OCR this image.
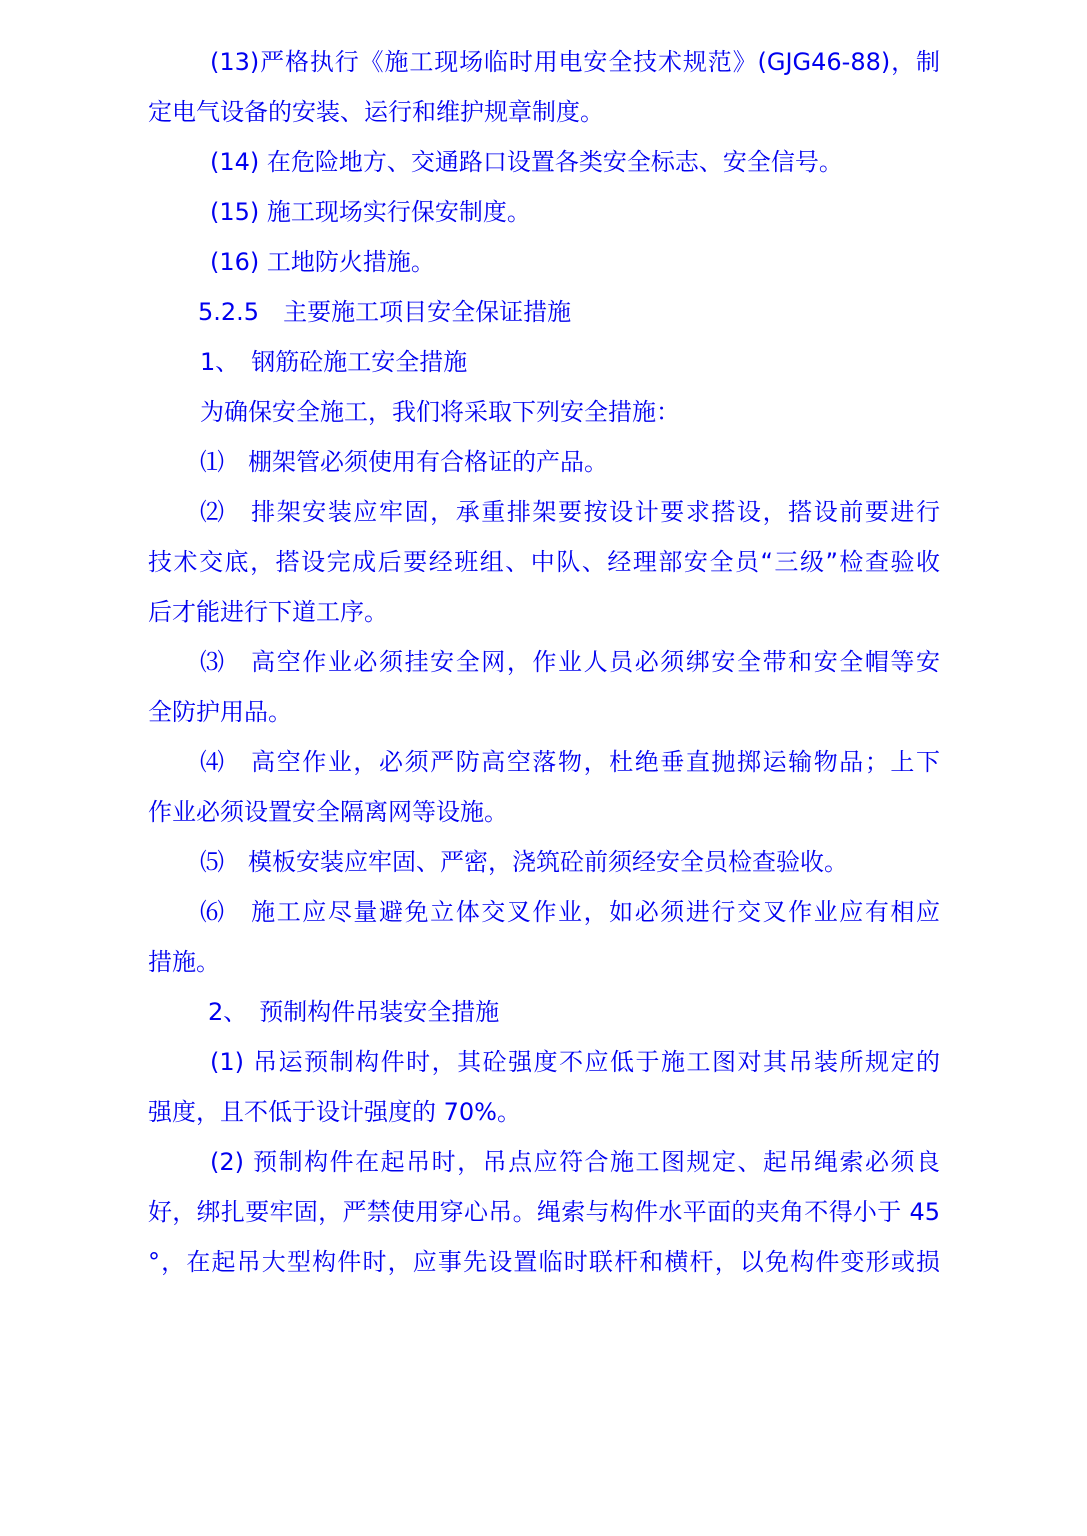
(13)严格执行《施工现场临时用电安全技术规范》(GJG46-88)，制
定电气设备的安装、运行和维护规章制度。
(14) 在危险地方、交通路口设置各类安全标志、安全信号。
(15) 施工现场实行保安制度。
(16) 工地防火措施。
5.2.5　主要施工项目安全保证措施
1、　钢筋砼施工安全措施
为确保安全施工，我们将采取下列安全措施：
⑴　棚架管必须使用有合格证的产品。
⑵　排架安装应牢固，承重排架要按设计要求搭设，搭设前要进行
技术交底，搭设完成后要经班组、中队、经理部安全员“三级”检查验收
后才能进行下道工序。
⑶　高空作业必须挂安全网，作业人员必须绑安全带和安全帽等安
全防护用品。
⑷　高空作业，必须严防高空落物，杜绝垂直抛掷运输物品；上下
作业必须设置安全隔离网等设施。
⑸　模板安装应牢固、严密，浇筑砼前须经安全员检查验收。
⑹　施工应尽量避免立体交叉作业，如必须进行交叉作业应有相应
措施。
2、　预制构件吊装安全措施
(1) 吊运预制构件时，其砼强度不应低于施工图对其吊装所规定的
强度，且不低于设计强度的 70%。
(2) 预制构件在起吊时，吊点应符合施工图规定、起吊绳索必须良
好，绑扎要牢固，严禁使用穿心吊。绳索与构件水平面的夹角不得小于 45
°，在起吊大型构件时，应事先设置临时联杆和横杆，以免构件变形或损
